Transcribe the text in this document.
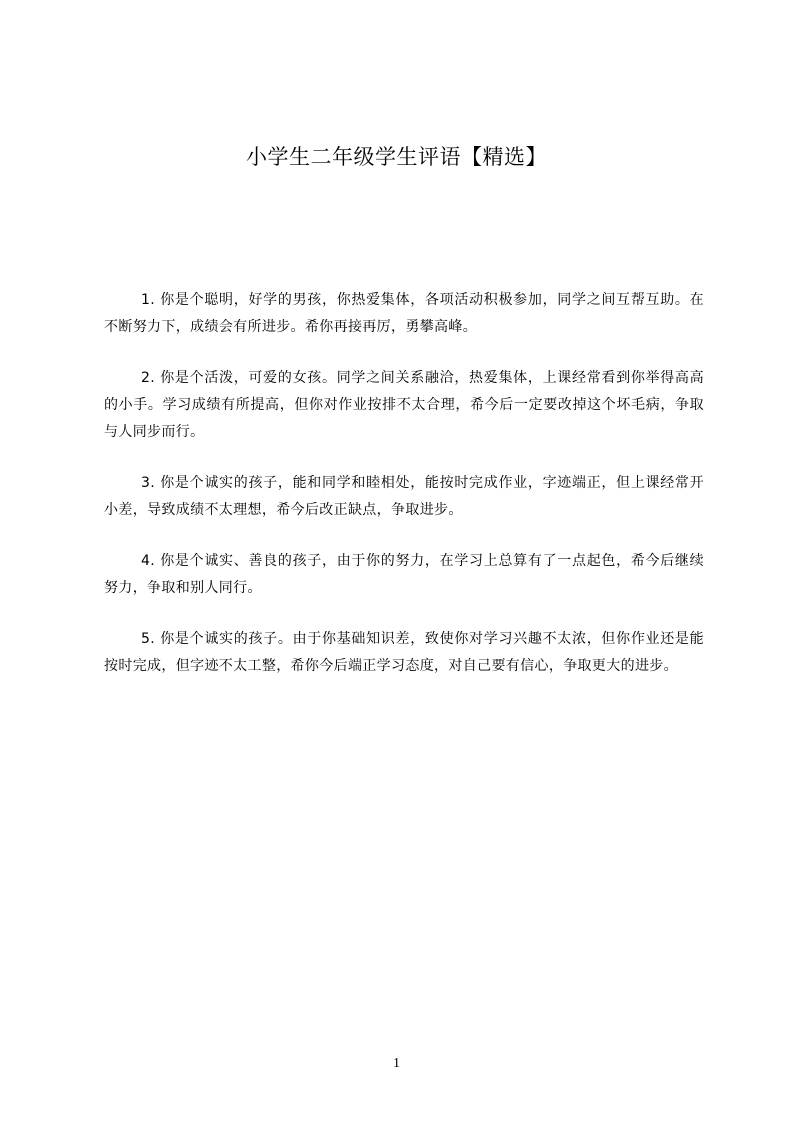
小学生二年级学生评语【精选】

1. 你是个聪明，好学的男孩，你热爱集体，各项活动积极参加，同学之间互帮互助。在不断努力下，成绩会有所进步。希你再接再厉，勇攀高峰。

2. 你是个活泼，可爱的女孩。同学之间关系融洽，热爱集体，上课经常看到你举得高高的小手。学习成绩有所提高，但你对作业按排不太合理，希今后一定要改掉这个坏毛病，争取与人同步而行。

3. 你是个诚实的孩子，能和同学和睦相处，能按时完成作业，字迹端正，但上课经常开小差，导致成绩不太理想，希今后改正缺点，争取进步。

4. 你是个诚实、善良的孩子，由于你的努力，在学习上总算有了一点起色，希今后继续努力，争取和别人同行。

5. 你是个诚实的孩子。由于你基础知识差，致使你对学习兴趣不太浓，但你作业还是能按时完成，但字迹不太工整，希你今后端正学习态度，对自己要有信心，争取更大的进步。

1
